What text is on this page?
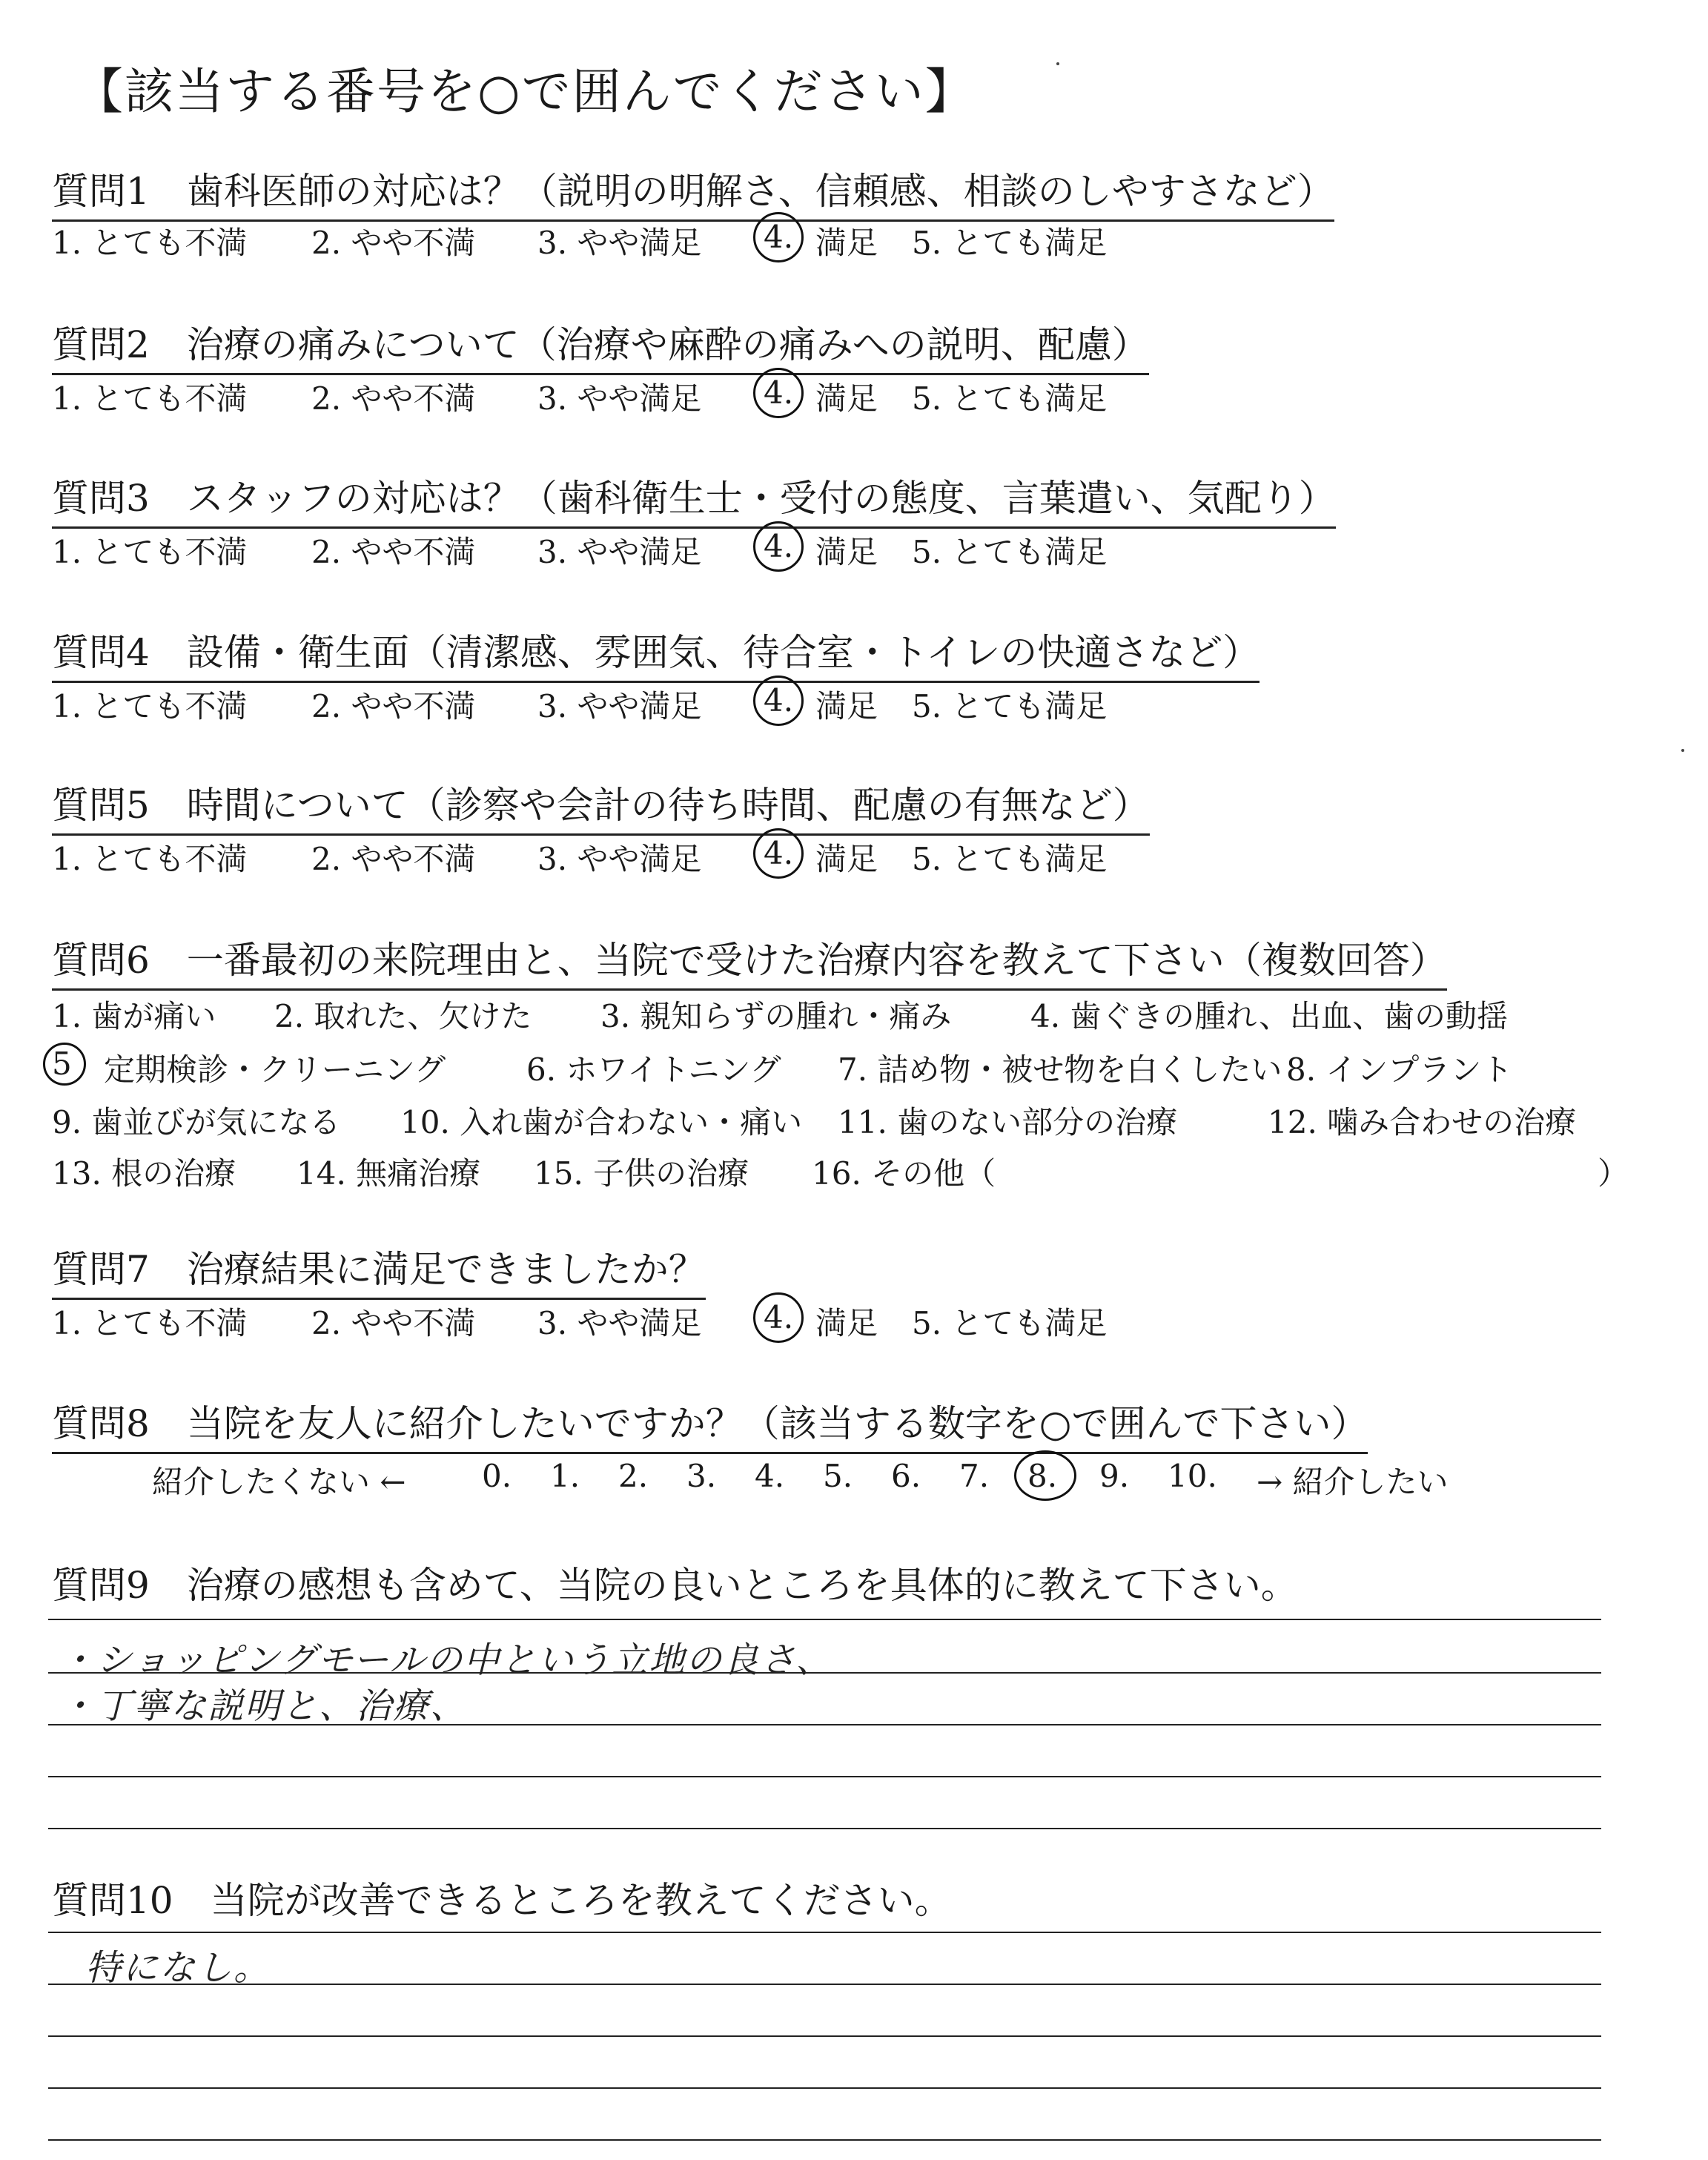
【該当する番号を○で囲んでください】
質問1　歯科医師の対応は？（説明の明解さ、信頼感、相談のしやすさなど）
1. とても不満 2. やや不満 3. やや満足 4. 満足 5. とても満足
質問2　治療の痛みについて（治療や麻酔の痛みへの説明、配慮）
1. とても不満 2. やや不満 3. やや満足 4. 満足 5. とても満足
質問3　スタッフの対応は？（歯科衛生士・受付の態度、言葉遣い、気配り）
1. とても不満 2. やや不満 3. やや満足 4. 満足 5. とても満足
質問4　設備・衛生面（清潔感、雰囲気、待合室・トイレの快適さなど）
1. とても不満 2. やや不満 3. やや満足 4. 満足 5. とても満足
質問5　時間について（診察や会計の待ち時間、配慮の有無など）
1. とても不満 2. やや不満 3. やや満足 4. 満足 5. とても満足
質問6　一番最初の来院理由と、当院で受けた治療内容を教えて下さい（複数回答）
1. 歯が痛い 2. 取れた、欠けた 3. 親知らずの腫れ・痛み	4. 歯ぐきの腫れ、出血、歯の動揺
5 定期検診・クリーニング	6. ホワイトニング 7. 詰め物・被せ物を白くしたい 8. インプラント
9. 歯並びが気になる 10. 入れ歯が合わない・痛い 11. 歯のない部分の治療	12. 噛み合わせの治療
13. 根の治療 14. 無痛治療 15. 子供の治療 16. その他（	）
質問7　治療結果に満足できましたか？
1. とても不満 2. やや不満 3. やや満足 4. 満足 5. とても満足
質問8　当院を友人に紹介したいですか？（該当する数字を○で囲んで下さい）
紹介したくない ← 0. 1. 2. 3. 4. 5. 6. 7. 8. 9. 10. → 紹介したい
質問9　治療の感想も含めて、当院の良いところを具体的に教えて下さい。
・ショッピングモールの中という立地の良さ、
・丁寧な説明と、治療、
質問10　当院が改善できるところを教えてください。
特になし。
